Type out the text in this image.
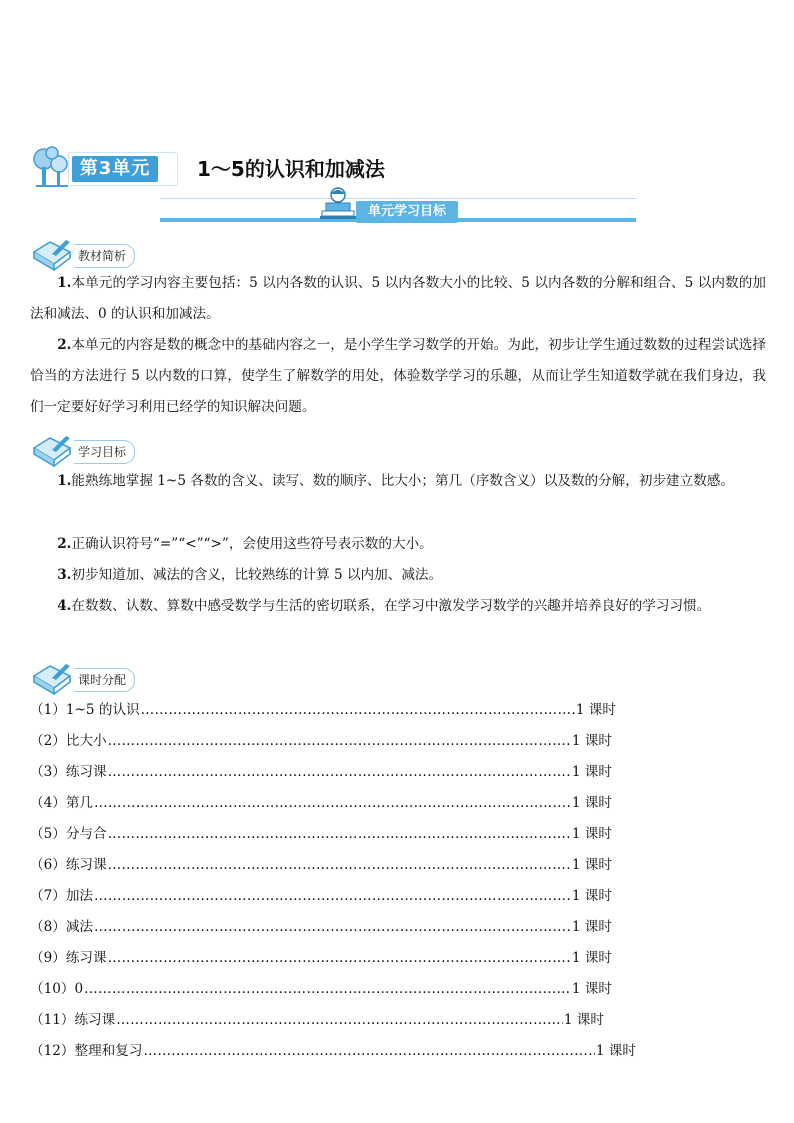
第3单元	1～5的认识和加减法
单元学习目标
教材简析
1.本单元的学习内容主要包括：5 以内各数的认识、5 以内各数大小的比较、5 以内各数的分解和组合、5 以内数的加法和减法、0 的认识和加减法。
2.本单元的内容是数的概念中的基础内容之一，是小学生学习数学的开始。为此，初步让学生通过数数的过程尝试选择恰当的方法进行 5 以内数的口算，使学生了解数学的用处，体验数学学习的乐趣，从而让学生知道数学就在我们身边，我们一定要好好学习利用已经学的知识解决问题。
学习目标
1.能熟练地掌握 1~5 各数的含义、读写、数的顺序、比大小；第几（序数含义）以及数的分解，初步建立数感。
2.正确认识符号“=”“<”“>”，会使用这些符号表示数的大小。
3.初步知道加、减法的含义，比较熟练的计算 5 以内加、减法。
4.在数数、认数、算数中感受数学与生活的密切联系，在学习中激发学习数学的兴趣并培养良好的学习习惯。
课时分配
（1）1~5 的认识 …………………………………………………………………………………………………………………………………………………………	1 课时
（2）比大小 …………………………………………………………………………………………………………………………………………………………	1 课时
（3）练习课 …………………………………………………………………………………………………………………………………………………………	1 课时
（4）第几 …………………………………………………………………………………………………………………………………………………………	1 课时
（5）分与合 …………………………………………………………………………………………………………………………………………………………	1 课时
（6）练习课 …………………………………………………………………………………………………………………………………………………………	1 课时
（7）加法 …………………………………………………………………………………………………………………………………………………………	1 课时
（8）减法 …………………………………………………………………………………………………………………………………………………………	1 课时
（9）练习课 …………………………………………………………………………………………………………………………………………………………	1 课时
（10）0 …………………………………………………………………………………………………………………………………………………………	1 课时
（11）练习课 …………………………………………………………………………………………………………………………………………………………	1 课时
（12）整理和复习 …………………………………………………………………………………………………………………………………………………………	1 课时
